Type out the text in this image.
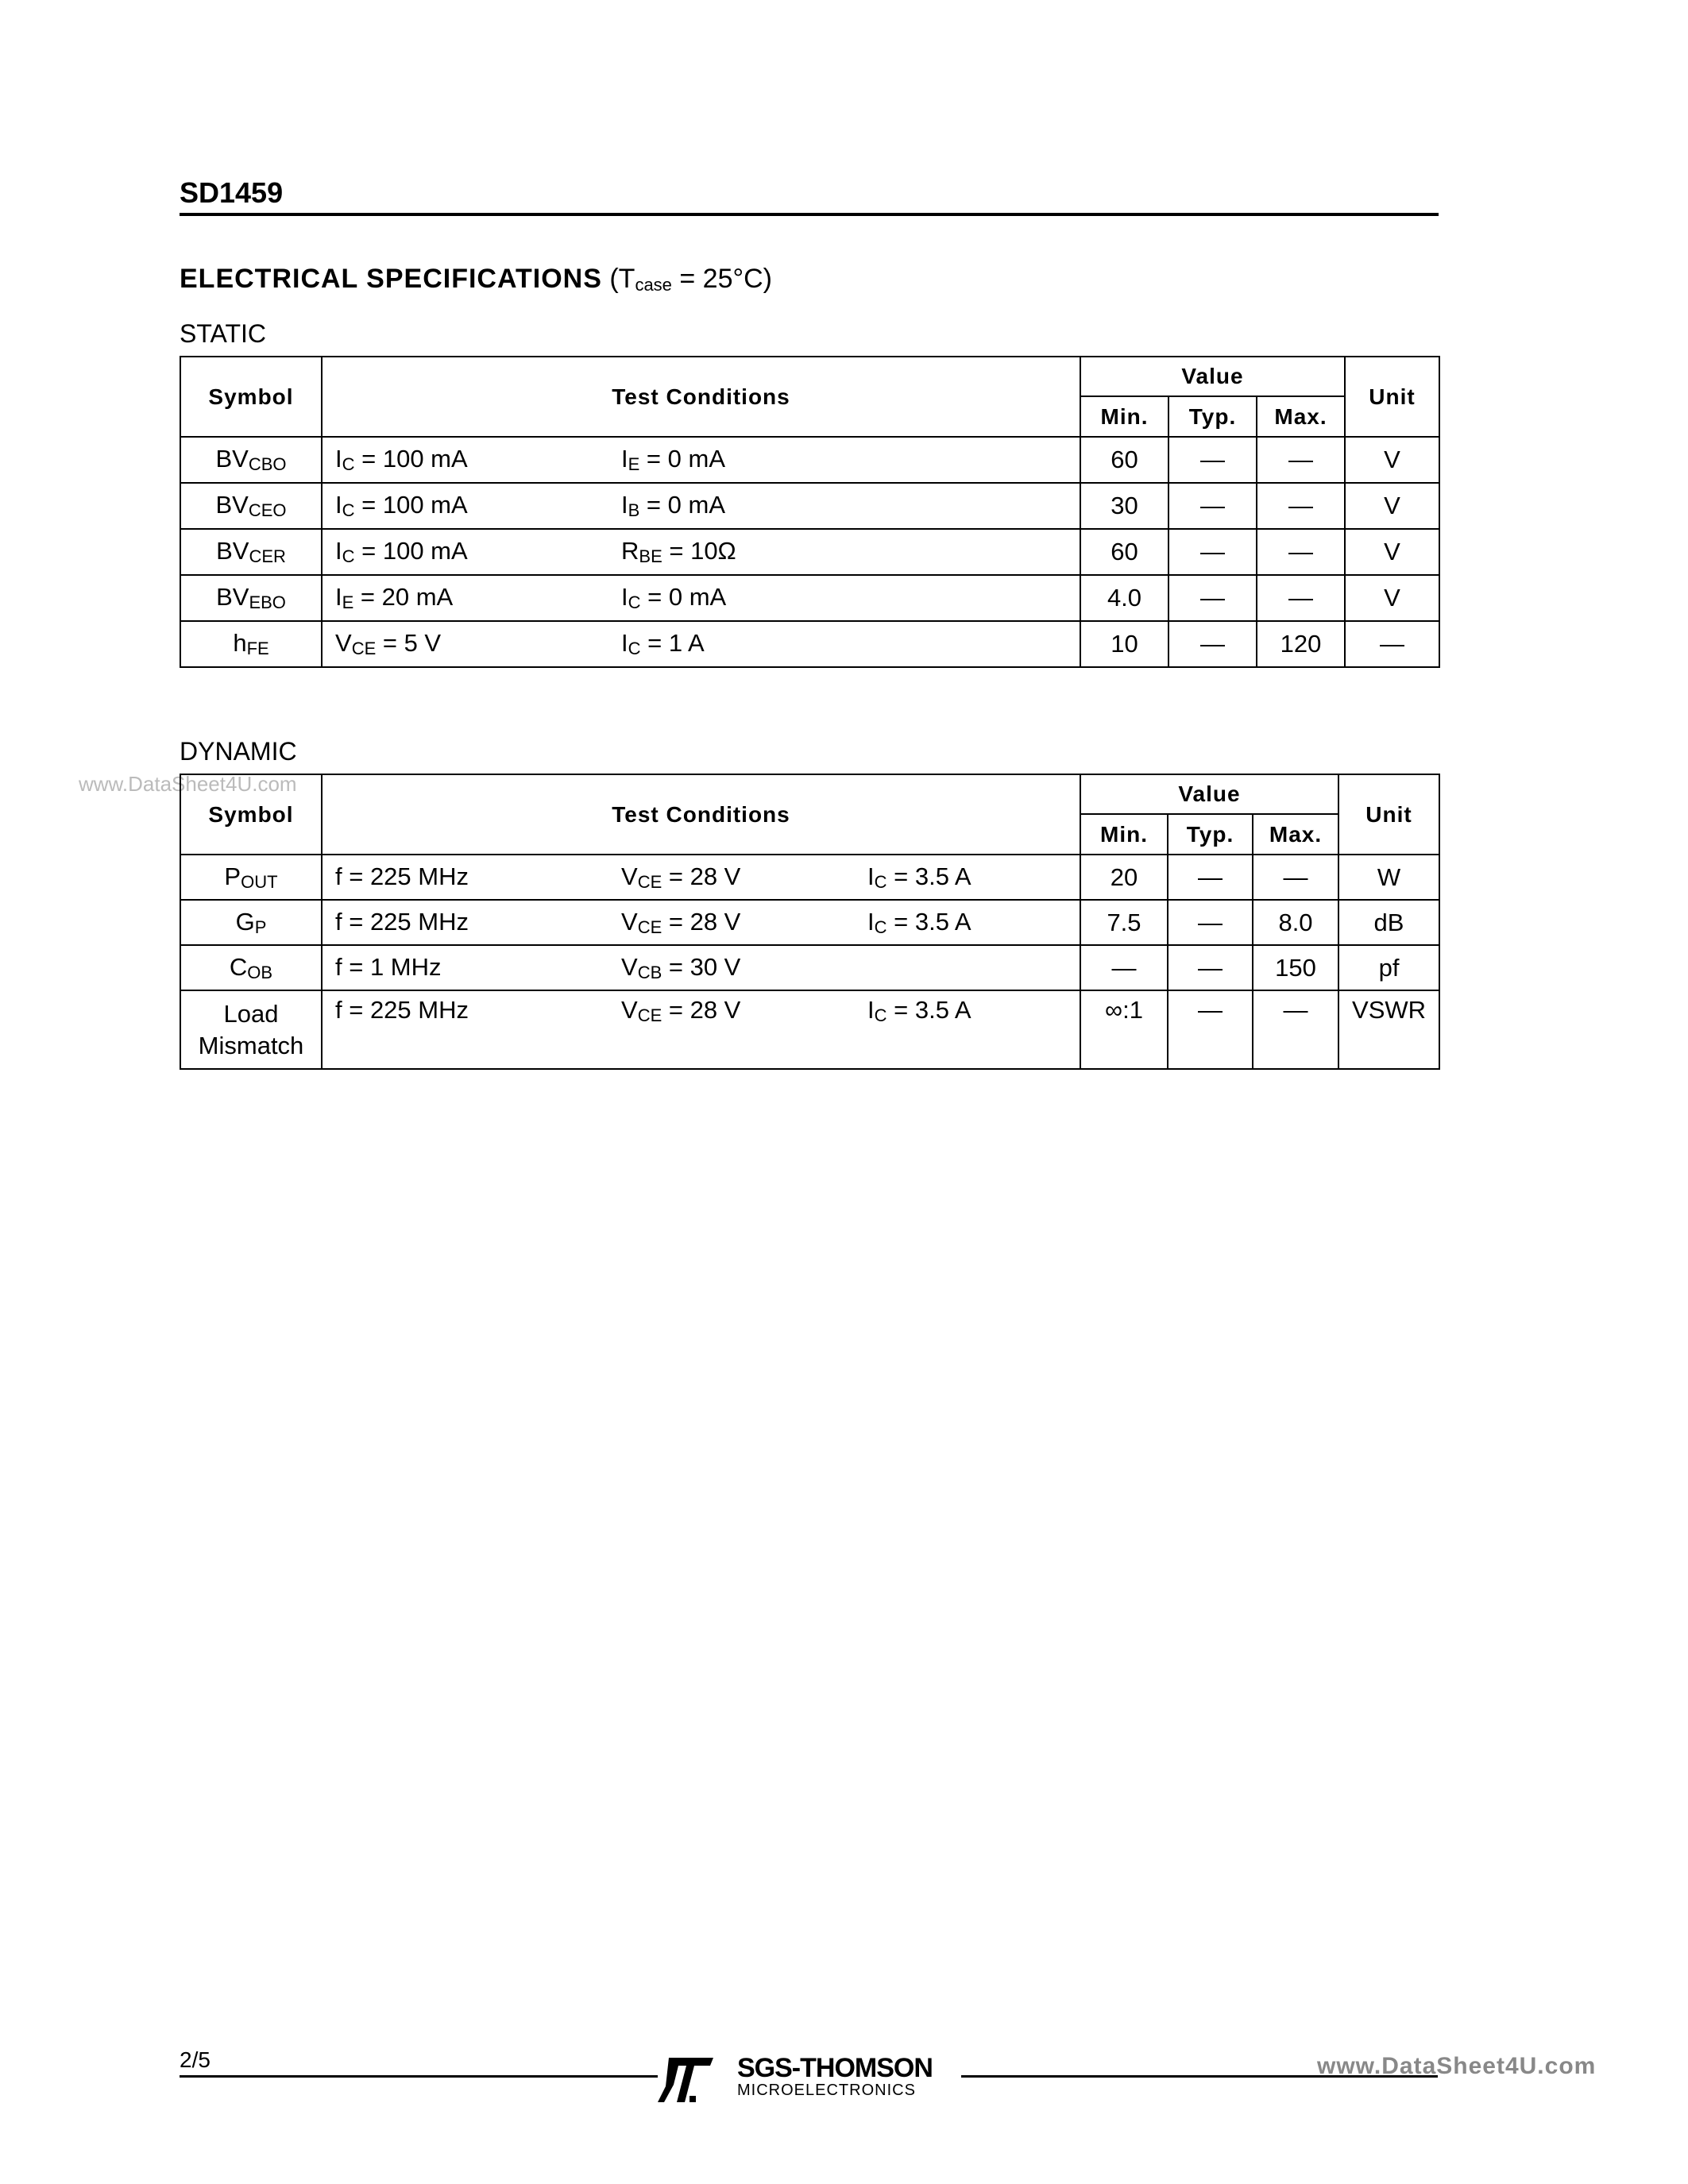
SD1459
ELECTRICAL SPECIFICATIONS $(T_{case} = 25^\circ C)$
STATIC
Symbol	Test Conditions	Value			Unit
		Min.	Typ.	Max.	
$BV_{CBO}$	$I_C = 100$ mA $I_E = 0$ mA	60	—	—	V
$BV_{CEO}$	$I_C = 100$ mA $I_B = 0$ mA	30	—	—	V
$BV_{CER}$	$I_C = 100$ mA $R_{BE} = 10\Omega$	60	—	—	V
$BV_{EBO}$	$I_E = 20$ mA $I_C = 0$ mA	4.0	—	—	V
$h_{FE}$	$V_{CE} = 5$ V $I_C = 1$ A	10	—	120	—
www.DataSheet4U.com
DYNAMIC
Symbol	Test Conditions	Value			Unit
		Min.	Typ.	Max.	
$P_{OUT}$	f = 225 MHz $V_{CE} = 28$ V $I_C = 3.5$ A	20	—	—	W
$G_P$	f = 225 MHz $V_{CE} = 28$ V $I_C = 3.5$ A	7.5	—	8.0	dB
$C_{OB}$	f = 1 MHz $V_{CB} = 30$ V	—	—	150	pf
Load
Mismatch	f = 225 MHz $V_{CE} = 28$ V $I_C = 3.5$ A	∞:1	—	—	VSWR
2/5	SGS-THOMSON
MICROELECTRONICS
www.DataSheet4U.com
